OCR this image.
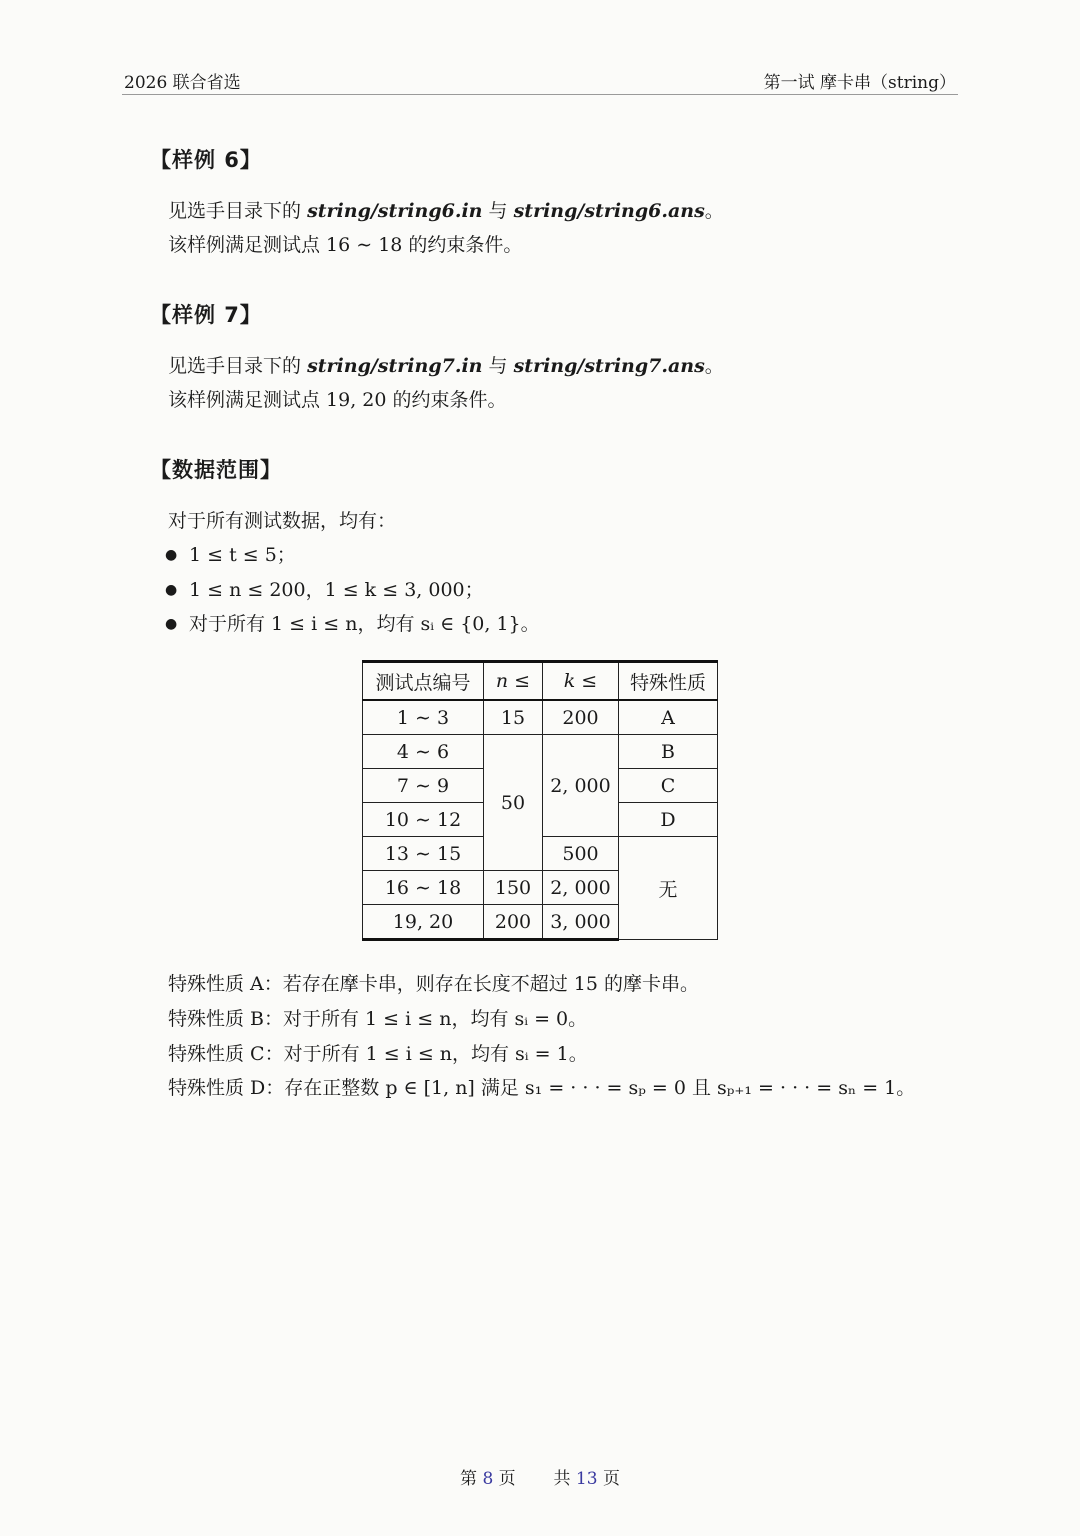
2026 联合省选	第一试 摩卡串（string）
【样例 6】
见选手目录下的 string/string6.in 与 string/string6.ans。
该样例满足测试点 16 ∼ 18 的约束条件。
【样例 7】
见选手目录下的 string/string7.in 与 string/string7.ans。
该样例满足测试点 19, 20 的约束条件。
【数据范围】
对于所有测试数据，均有：
● 1 ≤ t ≤ 5；
● 1 ≤ n ≤ 200，1 ≤ k ≤ 3, 000；
● 对于所有 1 ≤ i ≤ n，均有 sᵢ ∈ {0, 1}。
测试点编号	n ≤	k ≤	特殊性质
1 ∼ 3	15	200	A
4 ∼ 6	50	2, 000	B
7 ∼ 9			C
10 ∼ 12			D
13 ∼ 15		500	无
16 ∼ 18	150	2, 000	
19, 20	200	3, 000	
特殊性质 A：若存在摩卡串，则存在长度不超过 15 的摩卡串。
特殊性质 B：对于所有 1 ≤ i ≤ n，均有 sᵢ = 0。
特殊性质 C：对于所有 1 ≤ i ≤ n，均有 sᵢ = 1。
特殊性质 D：存在正整数 p ∈ [1, n] 满足 s₁ = · · · = sₚ = 0 且 sₚ₊₁ = · · · = sₙ = 1。
第 8 页 共 13 页
